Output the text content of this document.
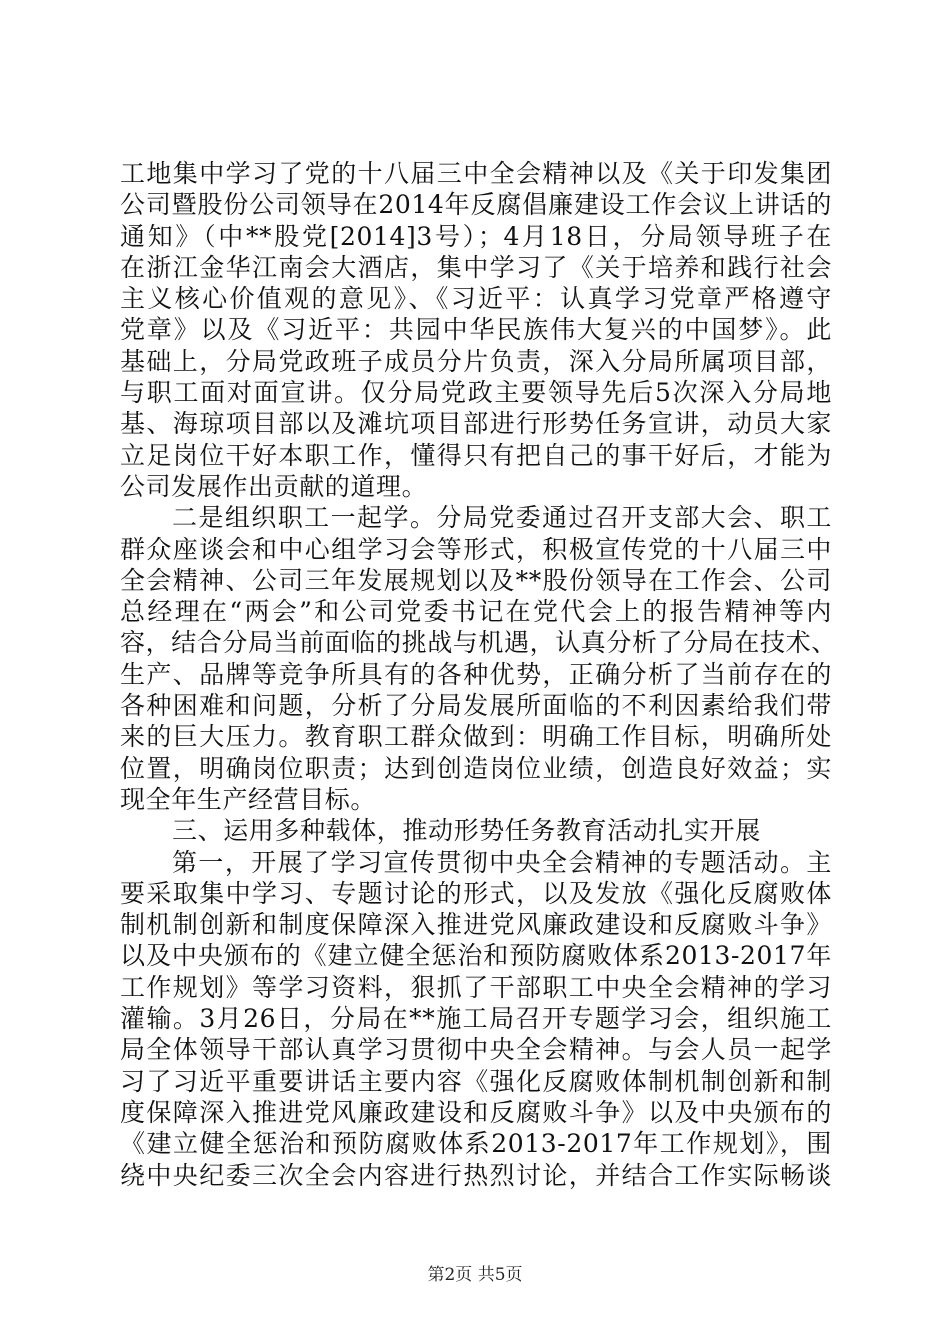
工地集中学习了党的十八届三中全会精神以及《关于印发集团
公司暨股份公司领导在2014年反腐倡廉建设工作会议上讲话的
通知》（中**股党[2014]3号）；4月18日，分局领导班子在
在浙江金华江南会大酒店，集中学习了《关于培养和践行社会
主义核心价值观的意见》、《习近平：认真学习党章严格遵守
党章》以及《习近平：共园中华民族伟大复兴的中国梦》。此
基础上，分局党政班子成员分片负责，深入分局所属项目部，
与职工面对面宣讲。仅分局党政主要领导先后5次深入分局地
基、海琼项目部以及滩坑项目部进行形势任务宣讲，动员大家
立足岗位干好本职工作，懂得只有把自己的事干好后，才能为
公司发展作出贡献的道理。
二是组织职工一起学。分局党委通过召开支部大会、职工
群众座谈会和中心组学习会等形式，积极宣传党的十八届三中
全会精神、公司三年发展规划以及**股份领导在工作会、公司
总经理在“两会”和公司党委书记在党代会上的报告精神等内
容，结合分局当前面临的挑战与机遇，认真分析了分局在技术、
生产、品牌等竞争所具有的各种优势，正确分析了当前存在的
各种困难和问题，分析了分局发展所面临的不利因素给我们带
来的巨大压力。教育职工群众做到：明确工作目标，明确所处
位置，明确岗位职责；达到创造岗位业绩，创造良好效益；实
现全年生产经营目标。
三、运用多种载体，推动形势任务教育活动扎实开展
第一，开展了学习宣传贯彻中央全会精神的专题活动。主
要采取集中学习、专题讨论的形式，以及发放《强化反腐败体
制机制创新和制度保障深入推进党风廉政建设和反腐败斗争》
以及中央颁布的《建立健全惩治和预防腐败体系2013-2017年
工作规划》等学习资料，狠抓了干部职工中央全会精神的学习
灌输。3月26日，分局在**施工局召开专题学习会，组织施工
局全体领导干部认真学习贯彻中央全会精神。与会人员一起学
习了习近平重要讲话主要内容《强化反腐败体制机制创新和制
度保障深入推进党风廉政建设和反腐败斗争》以及中央颁布的
《建立健全惩治和预防腐败体系2013-2017年工作规划》，围
绕中央纪委三次全会内容进行热烈讨论，并结合工作实际畅谈
第2页 共5页
